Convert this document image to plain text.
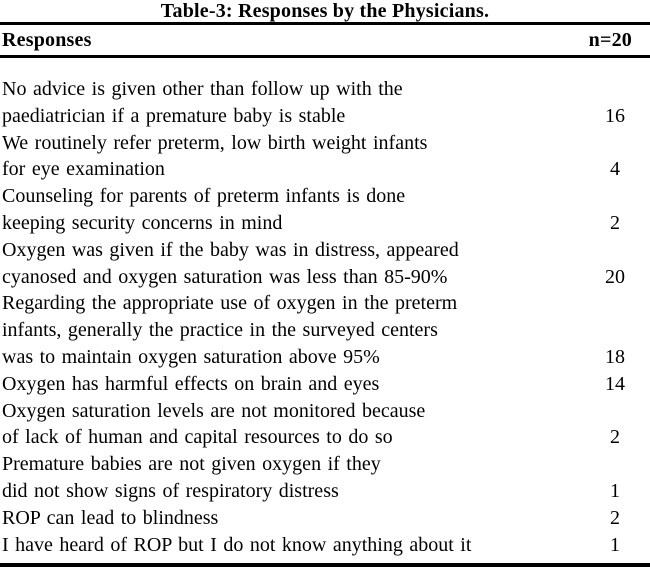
Table-3: Responses by the Physicians.
Responses	n=20
No advice is given other than follow up with the
paediatrician if a premature baby is stable	16
We routinely refer preterm, low birth weight infants
for eye examination	4
Counseling for parents of preterm infants is done
keeping security concerns in mind	2
Oxygen was given if the baby was in distress, appeared
cyanosed and oxygen saturation was less than 85-90%	20
Regarding the appropriate use of oxygen in the preterm
infants, generally the practice in the surveyed centers
was to maintain oxygen saturation above 95%	18
Oxygen has harmful effects on brain and eyes	14
Oxygen saturation levels are not monitored because
of lack of human and capital resources to do so	2
Premature babies are not given oxygen if they
did not show signs of respiratory distress	1
ROP can lead to blindness	2
I have heard of ROP but I do not know anything about it	1
